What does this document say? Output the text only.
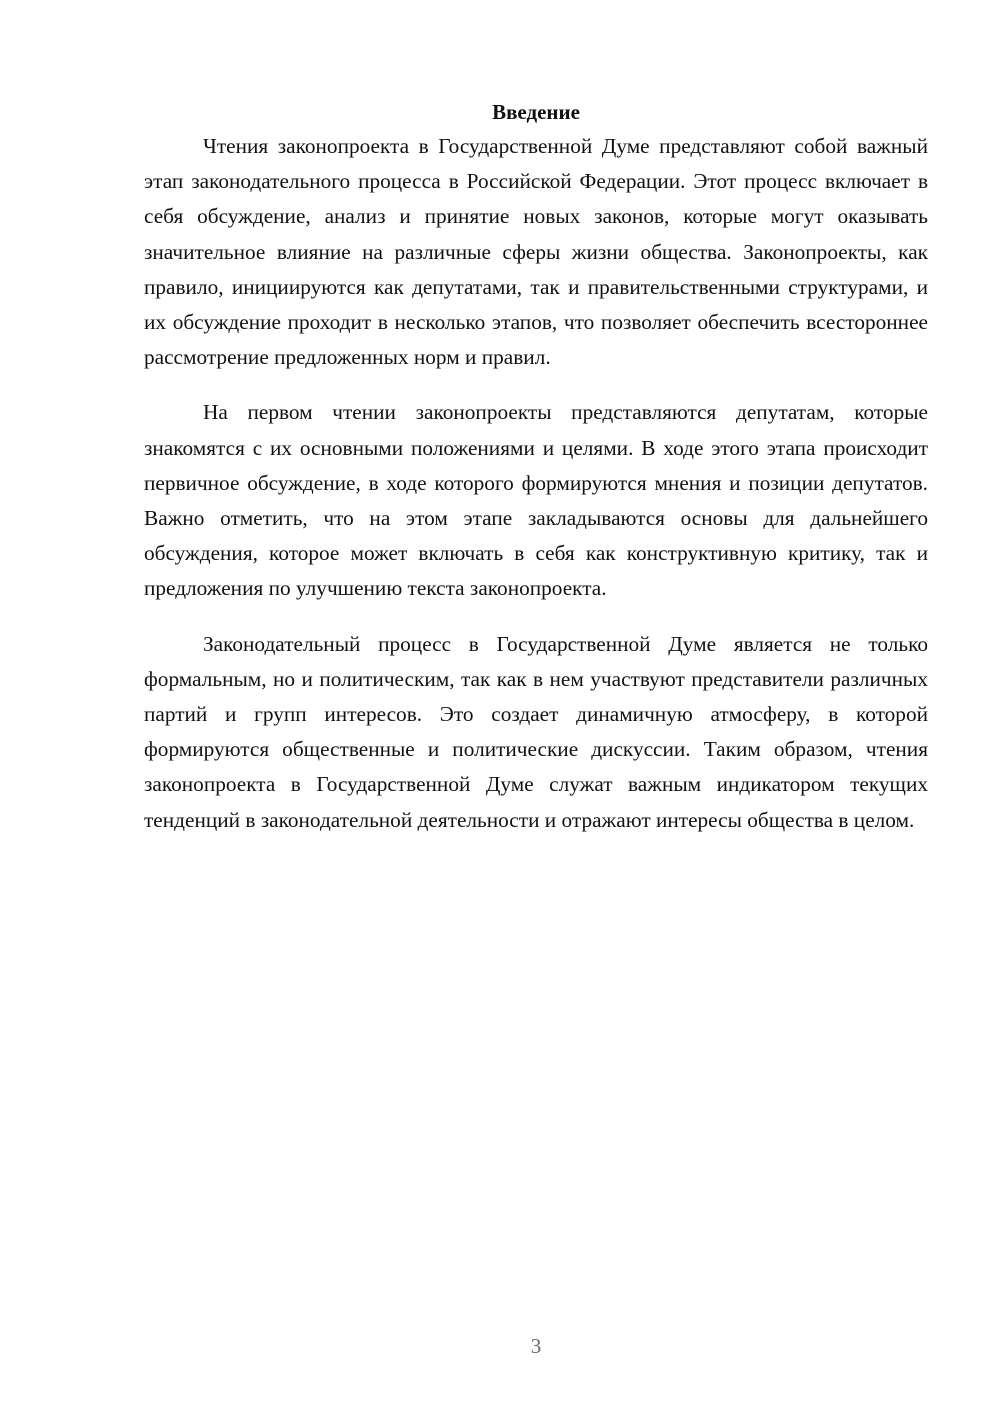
Введение

Чтения законопроекта в Государственной Думе представляют собой важный этап законодательного процесса в Российской Федерации. Этот процесс включает в себя обсуждение, анализ и принятие новых законов, которые могут оказывать значительное влияние на различные сферы жизни общества. Законопроекты, как правило, инициируются как депутатами, так и правительственными структурами, и их обсуждение проходит в несколько этапов, что позволяет обеспечить всестороннее рассмотрение предложенных норм и правил.

На первом чтении законопроекты представляются депутатам, которые знакомятся с их основными положениями и целями. В ходе этого этапа происходит первичное обсуждение, в ходе которого формируются мнения и позиции депутатов. Важно отметить, что на этом этапе закладываются основы для дальнейшего обсуждения, которое может включать в себя как конструктивную критику, так и предложения по улучшению текста законопроекта.

Законодательный процесс в Государственной Думе является не только формальным, но и политическим, так как в нем участвуют представители различных партий и групп интересов. Это создает динамичную атмосферу, в которой формируются общественные и политические дискуссии. Таким образом, чтения законопроекта в Государственной Думе служат важным индикатором текущих тенденций в законодательной деятельности и отражают интересы общества в целом.

3
